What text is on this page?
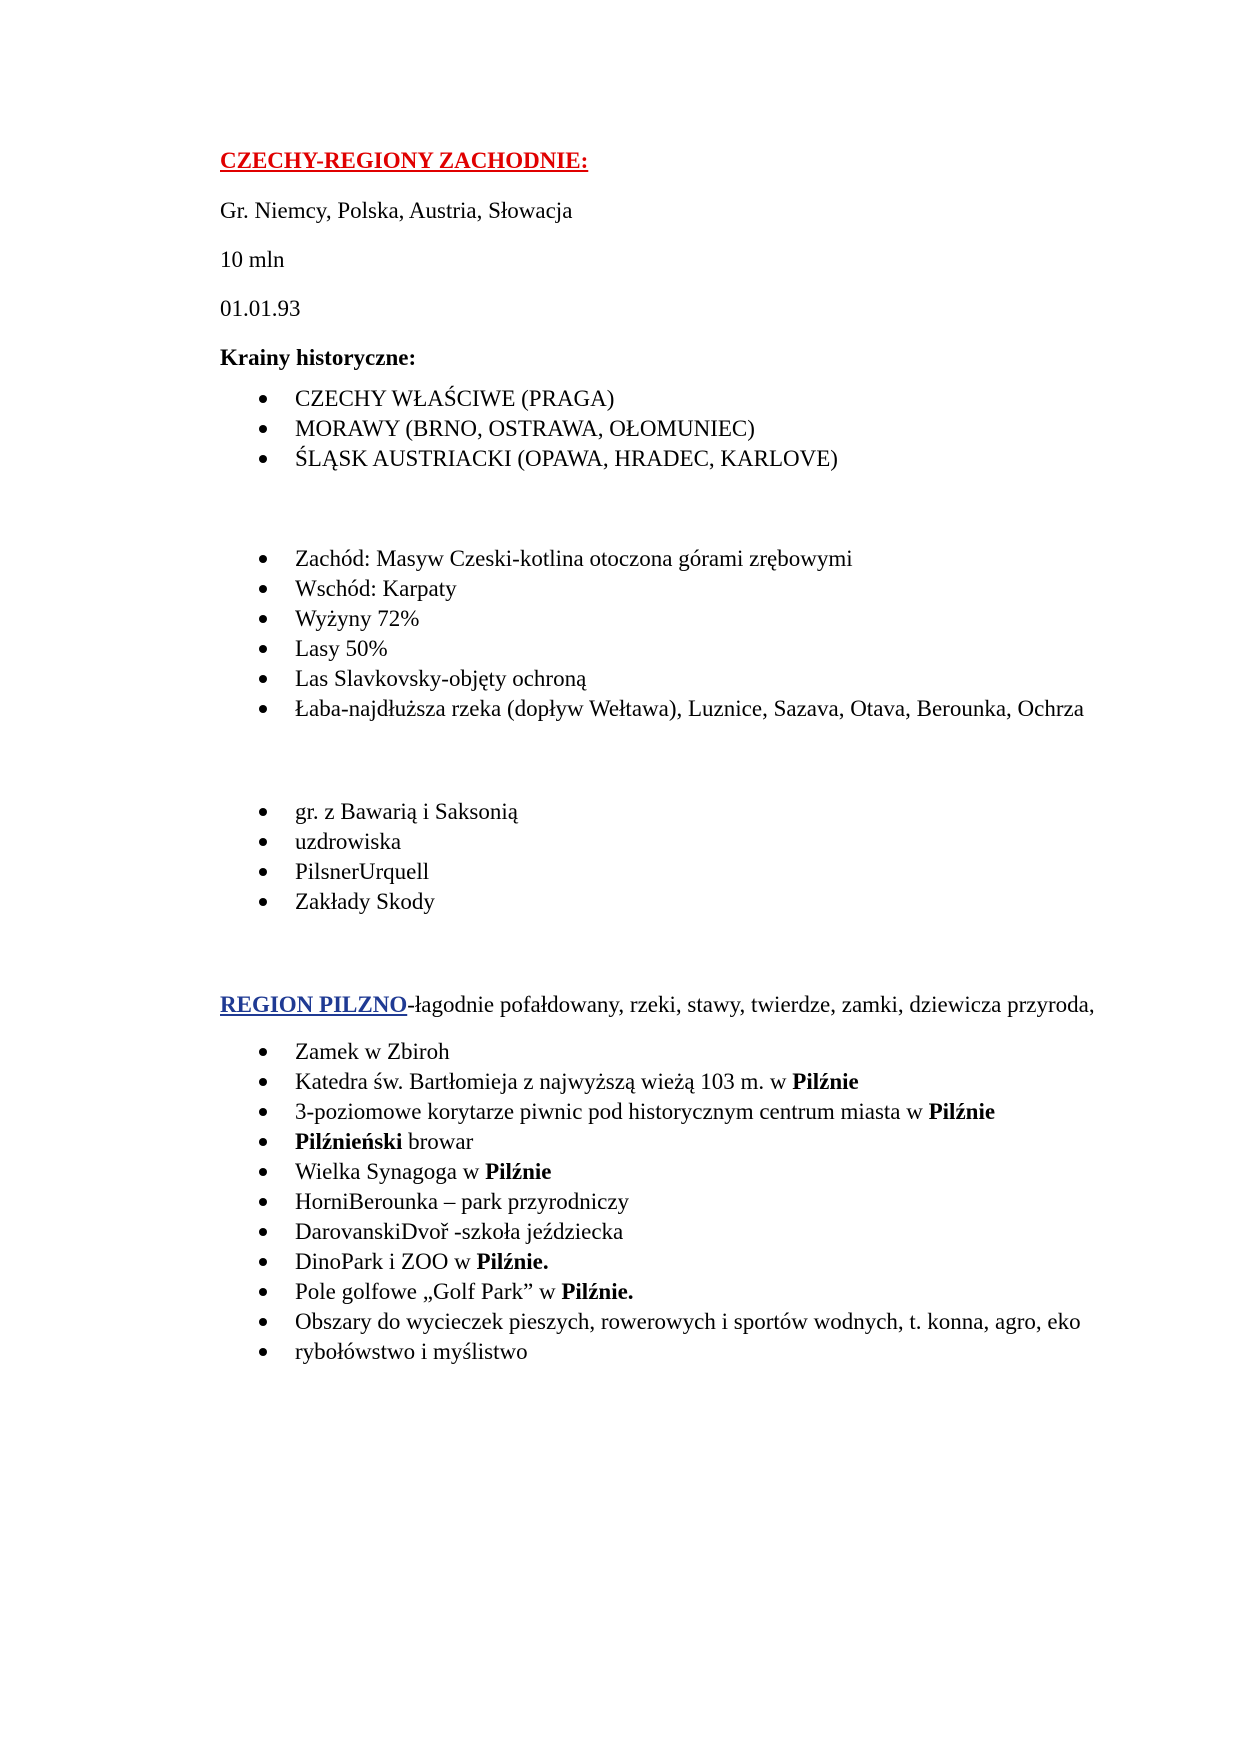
CZECHY-REGIONY ZACHODNIE:
Gr. Niemcy, Polska, Austria, Słowacja
10 mln
01.01.93
Krainy historyczne:
CZECHY WŁAŚCIWE (PRAGA)
MORAWY (BRNO, OSTRAWA, OŁOMUNIEC)
ŚLĄSK AUSTRIACKI (OPAWA, HRADEC, KARLOVE)
Zachód: Masyw Czeski-kotlina otoczona górami zrębowymi
Wschód: Karpaty
Wyżyny 72%
Lasy 50%
Las Slavkovsky-objęty ochroną
Łaba-najdłuższa rzeka (dopływ Wełtawa), Luznice, Sazava, Otava, Berounka, Ochrza
gr. z Bawarią i Saksonią
uzdrowiska
PilsnerUrquell
Zakłady Skody
REGION PILZNO-łagodnie pofałdowany, rzeki, stawy, twierdze, zamki, dziewicza przyroda,
Zamek w Zbiroh
Katedra św. Bartłomieja z najwyższą wieżą 103 m. w Pilźnie
3-poziomowe korytarze piwnic pod historycznym centrum miasta w Pilźnie
Pilźnieński browar
Wielka Synagoga w Pilźnie
HorniBerounka – park przyrodniczy
DarovanskiDvoř -szkoła jeździecka
DinoPark i ZOO w Pilźnie.
Pole golfowe „Golf Park” w Pilźnie.
Obszary do wycieczek pieszych, rowerowych i sportów wodnych, t. konna, agro, eko
rybołówstwo i myślistwo
